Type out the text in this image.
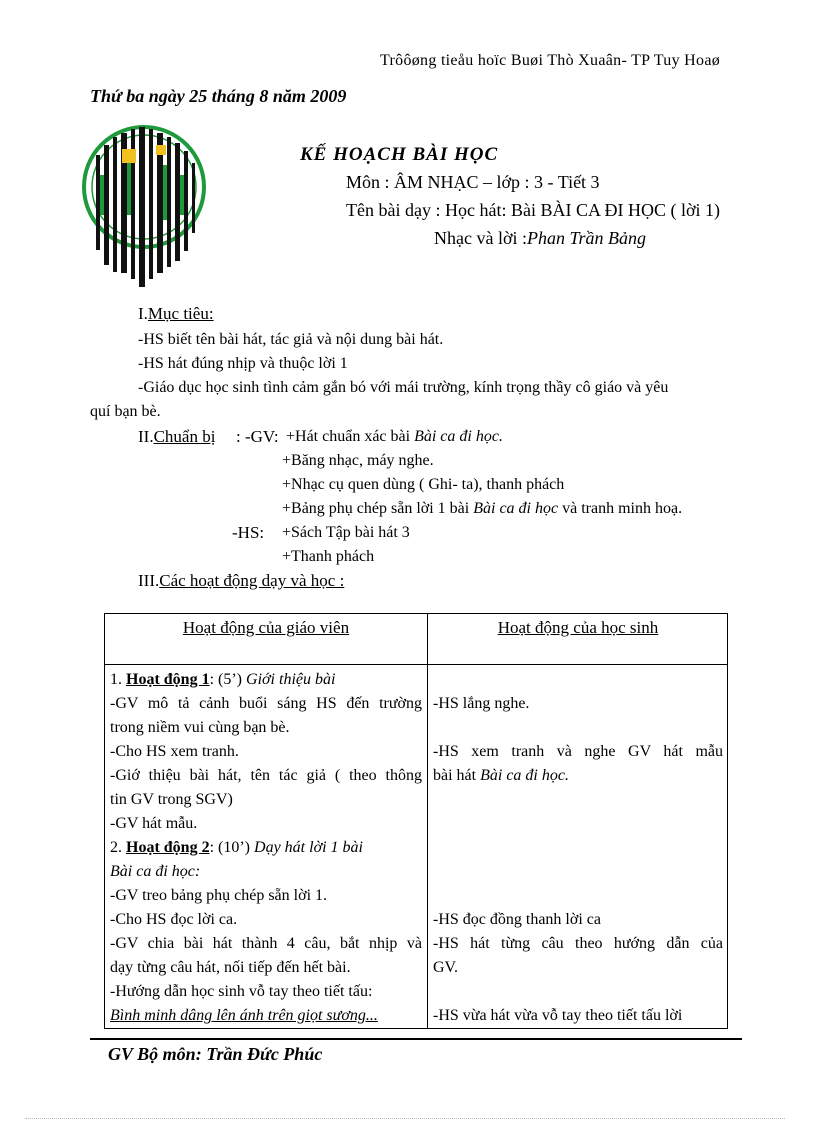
Trôôøng tieåu hoïc Buøi Thò Xuaân- TP Tuy Hoaø
Thứ ba ngày 25 tháng 8 năm 2009
KẾ HOẠCH BÀI HỌC
Môn : ÂM NHẠC – lớp : 3 - Tiết 3
Tên bài dạy : Học hát: Bài BÀI CA ĐI HỌC ( lời 1)
Nhạc và lời :Phan Trần Bảng
I.Mục tiêu:
-HS biết tên bài hát, tác giả và nội dung bài hát.
-HS hát đúng nhịp và thuộc lời 1
-Giáo dục học sinh tình cảm gắn bó với mái trường, kính trọng thầy cô giáo và yêu
quí bạn bè.
II.Chuẩn bị : -GV: +Hát chuẩn xác bài Bài ca đi học.
+Băng nhạc, máy nghe.
+Nhạc cụ quen dùng ( Ghi- ta), thanh phách
+Bảng phụ chép sẵn lời 1 bài Bài ca đi học và tranh minh hoạ.
-HS: +Sách Tập bài hát 3
+Thanh phách
III.Các hoạt động dạy và học :
Hoạt động của giáo viên	Hoạt động của học sinh
1. Hoạt động 1: (5’) Giới thiệu bài
-GV mô tả cảnh buổi sáng HS đến trường
trong niềm vui cùng bạn bè.
-Cho HS xem tranh.
-Giớ thiệu bài hát, tên tác giả ( theo thông
tin GV trong SGV)
-GV hát mẫu.
2. Hoạt động 2: (10’) Dạy hát lời 1 bài
Bài ca đi học:
-GV treo bảng phụ chép sẵn lời 1.
-Cho HS đọc lời ca.
-GV chia bài hát thành 4 câu, bắt nhịp và
dạy từng câu hát, nối tiếp đến hết bài.
-Hướng dẫn học sinh vỗ tay theo tiết tấu:
Bình minh dâng lên ánh trên giọt sương...
-HS lắng nghe.
-HS xem tranh và nghe GV hát mẫu
bài hát Bài ca đi học.
-HS đọc đồng thanh lời ca
-HS hát từng câu theo hướng dẫn của
GV.
-HS vừa hát vừa vỗ tay theo tiết tấu lời
GV Bộ môn: Trần Đức Phúc
